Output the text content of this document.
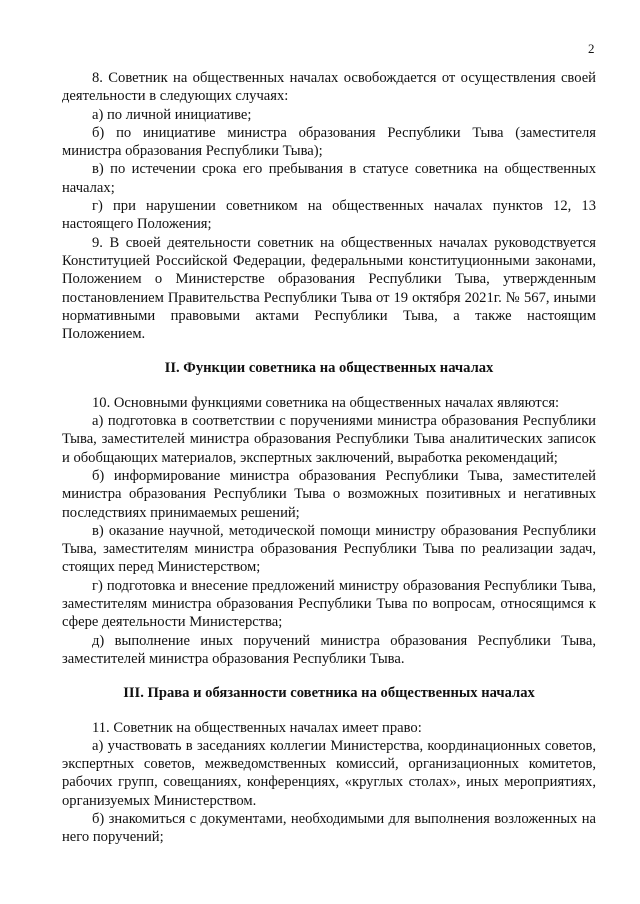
2

8. Советник на общественных началах освобождается от осуществления своей деятельности в следующих случаях:

а) по личной инициативе;

б) по инициативе министра образования Республики Тыва (заместителя министра образования Республики Тыва);

в) по истечении срока его пребывания в статусе советника на общественных началах;

г) при нарушении советником на общественных началах пунктов 12, 13 настоящего Положения;

9. В своей деятельности советник на общественных началах руководствуется Конституцией Российской Федерации, федеральными конституционными законами, Положением о Министерстве образования Республики Тыва, утвержденным постановлением Правительства Республики Тыва от 19 октября 2021г. № 567, иными нормативными правовыми актами Республики Тыва, а также настоящим Положением.

II. Функции советника на общественных началах

10. Основными функциями советника на общественных началах являются:

а) подготовка в соответствии с поручениями министра образования Республики Тыва, заместителей министра образования Республики Тыва аналитических записок и обобщающих материалов, экспертных заключений, выработка рекомендаций;

б) информирование министра образования Республики Тыва, заместителей министра образования Республики Тыва о возможных позитивных и негативных последствиях принимаемых решений;

в) оказание научной, методической помощи министру образования Республики Тыва, заместителям министра образования Республики Тыва по реализации задач, стоящих перед Министерством;

г) подготовка и внесение предложений министру образования Республики Тыва, заместителям министра образования Республики Тыва по вопросам, относящимся к сфере деятельности Министерства;

д) выполнение иных поручений министра образования Республики Тыва, заместителей министра образования Республики Тыва.

III. Права и обязанности советника на общественных началах

11. Советник на общественных началах имеет право:

а) участвовать в заседаниях коллегии Министерства, координационных советов, экспертных советов, межведомственных комиссий, организационных комитетов, рабочих групп, совещаниях, конференциях, «круглых столах», иных мероприятиях, организуемых Министерством.

б) знакомиться с документами, необходимыми для выполнения возложенных на него поручений;
